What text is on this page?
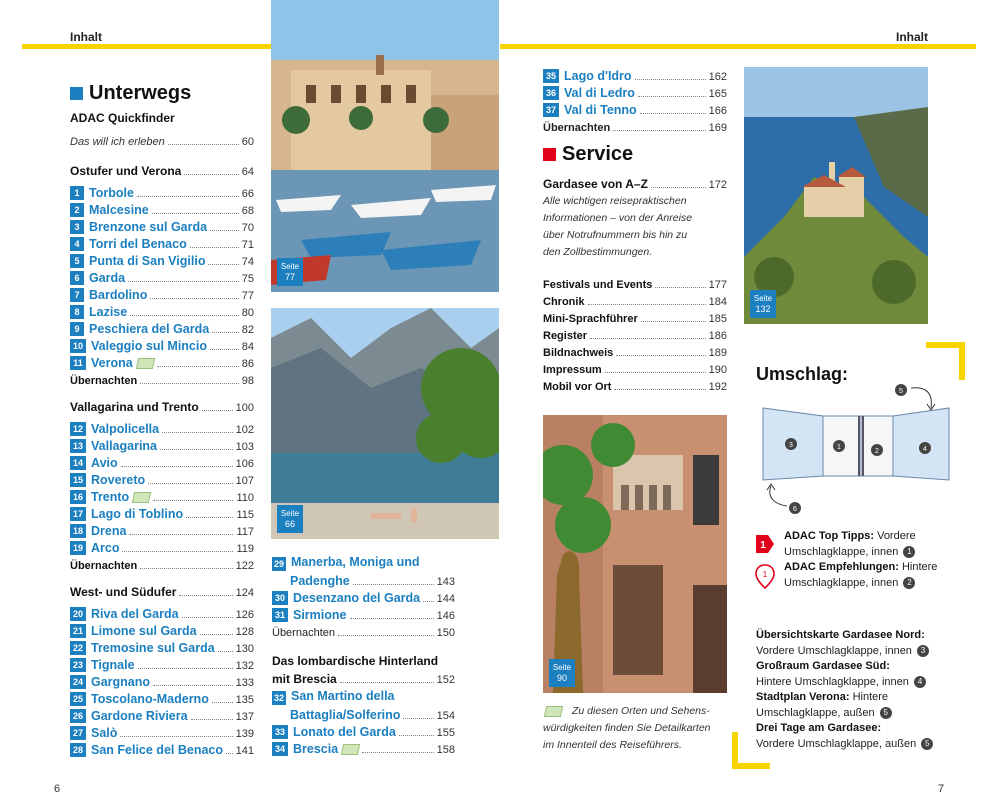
Inhalt	Inhalt
Unterwegs
ADAC Quickfinder
Das will ich erleben	60
Ostufer und Verona	64
1 Torbole	66
2 Malcesine	68
3 Brenzone sul Garda	70
4 Torri del Benaco	71
5 Punta di San Vigilio	74
6 Garda	75
7 Bardolino	77
8 Lazise	80
9 Peschiera del Garda	82
10 Valeggio sul Mincio	84
11 Verona	86
Übernachten	98
Vallagarina und Trento	100
12 Valpolicella	102
13 Vallagarina	103
14 Avio	106
15 Rovereto	107
16 Trento	110
17 Lago di Toblino	115
18 Drena	117
19 Arco	119
Übernachten	122
West- und Südufer	124
20 Riva del Garda	126
21 Limone sul Garda	128
22 Tremosine sul Garda 130
23 Tignale	132
24 Gargnano	133
25 Toscolano-Maderno 135
26 Gardone Riviera	137
27 Salò	139
28 San Felice del Benaco 141
Seite
77
Seite
66
29 Manerba, Moniga und
Padenghe	143
30 Desenzano del Garda 144
31 Sirmione	146
Übernachten	150
Das lombardische Hinterland
mit Brescia	152
32 San Martino della
Battaglia/Solferino	154
33 Lonato del Garda	155
34 Brescia	158
6
35 Lago d'Idro	162
36 Val di Ledro	165
37 Val di Tenno	166
Übernachten	169
Service
Gardasee von A–Z	172
Alle wichtigen reisepraktischen
Informationen – von der Anreise
über Notrufnummern bis hin zu
den Zollbestimmungen.
Festivals und Events	177
Chronik	184
Mini-Sprachführer	185
Register	186
Bildnachweis	189
Impressum	190
Mobil vor Ort	192
Seite
90
Seite
132
Zu diesen Orten und Sehens-
würdigkeiten finden Sie Detailkarten
im Innenteil des Reiseführers.
Umschlag:
3	1
2	4
5
6
1
1
ADAC Top Tipps: Vordere
Umschlagklappe, innen 1
ADAC Empfehlungen: Hintere
Umschlagklappe, innen 2
Übersichtskarte Gardasee Nord:
Vordere Umschlagklappe, innen 3
Großraum Gardasee Süd:
Hintere Umschlagklappe, innen 4
Stadtplan Verona: Hintere
Umschlagklappe, außen 5
Drei Tage am Gardasee:
Vordere Umschlagklappe, außen 5
7
